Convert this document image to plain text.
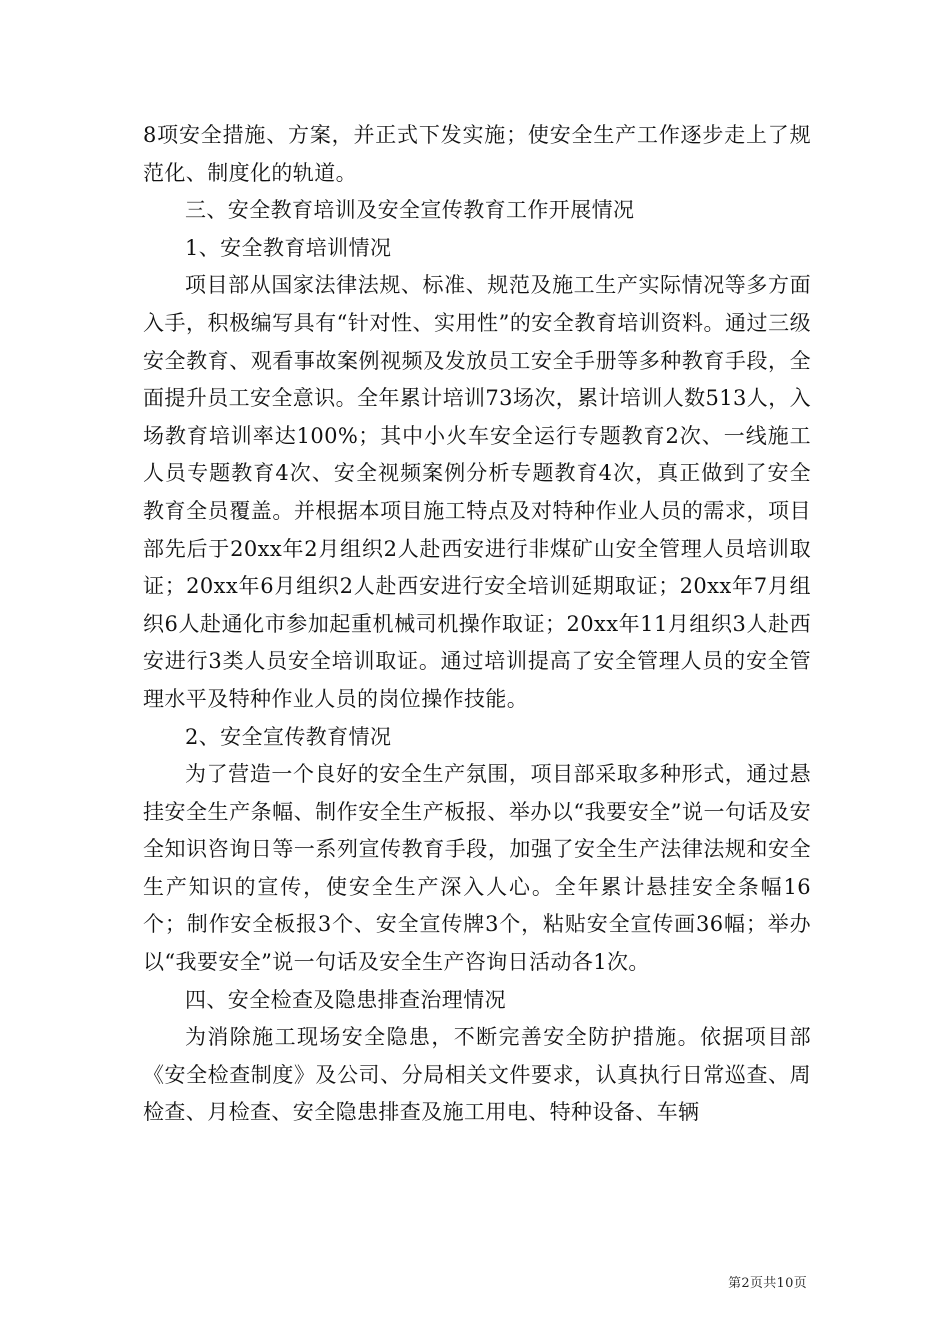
8项安全措施、方案，并正式下发实施；使安全生产工作逐步走上了规范化、制度化的轨道。

三、安全教育培训及安全宣传教育工作开展情况

1、安全教育培训情况

项目部从国家法律法规、标准、规范及施工生产实际情况等多方面入手，积极编写具有“针对性、实用性”的安全教育培训资料。通过三级安全教育、观看事故案例视频及发放员工安全手册等多种教育手段，全面提升员工安全意识。全年累计培训73场次，累计培训人数513人，入场教育培训率达100%；其中小火车安全运行专题教育2次、一线施工人员专题教育4次、安全视频案例分析专题教育4次，真正做到了安全教育全员覆盖。并根据本项目施工特点及对特种作业人员的需求，项目部先后于20xx年2月组织2人赴西安进行非煤矿山安全管理人员培训取证；20xx年6月组织2人赴西安进行安全培训延期取证；20xx年7月组织6人赴通化市参加起重机械司机操作取证；20xx年11月组织3人赴西安进行3类人员安全培训取证。通过培训提高了安全管理人员的安全管理水平及特种作业人员的岗位操作技能。

2、安全宣传教育情况

为了营造一个良好的安全生产氛围，项目部采取多种形式，通过悬挂安全生产条幅、制作安全生产板报、举办以“我要安全”说一句话及安全知识咨询日等一系列宣传教育手段，加强了安全生产法律法规和安全生产知识的宣传，使安全生产深入人心。全年累计悬挂安全条幅16个；制作安全板报3个、安全宣传牌3个，粘贴安全宣传画36幅；举办以“我要安全”说一句话及安全生产咨询日活动各1次。

四、安全检查及隐患排查治理情况

为消除施工现场安全隐患，不断完善安全防护措施。依据项目部《安全检查制度》及公司、分局相关文件要求，认真执行日常巡查、周检查、月检查、安全隐患排查及施工用电、特种设备、车辆

第2页共10页
